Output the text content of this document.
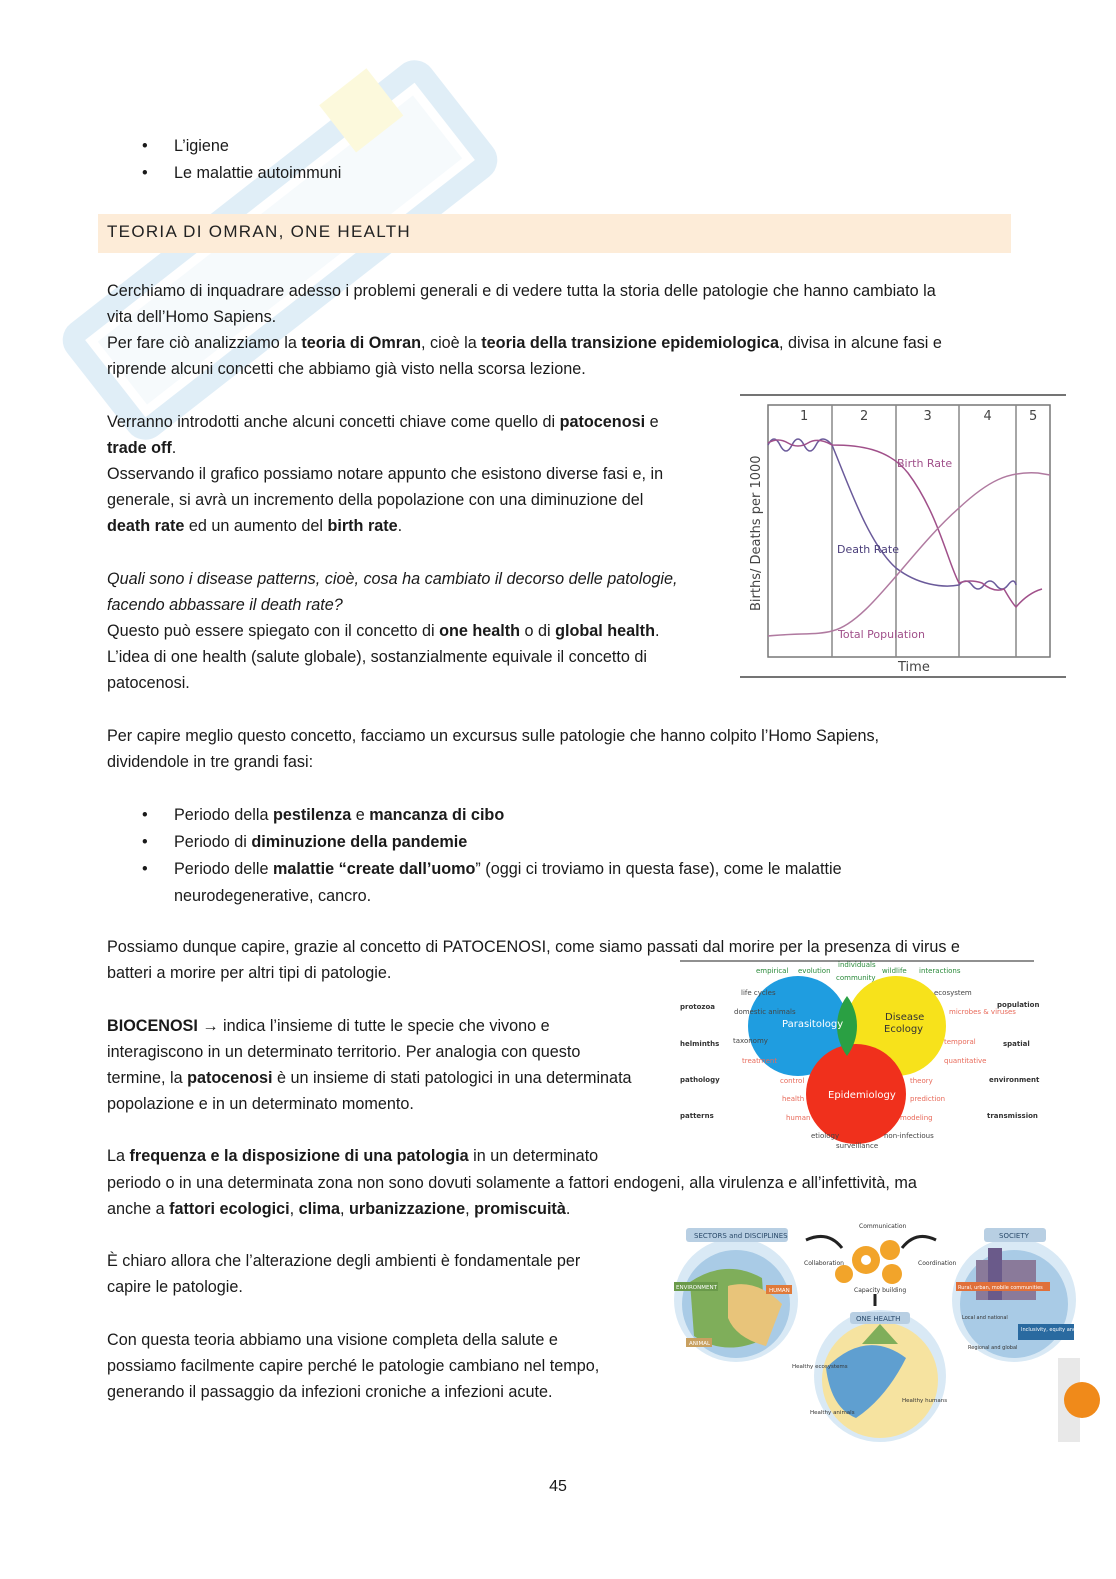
• L’igiene
• Le malattie autoimmuni
TEORIA DI OMRAN, ONE HEALTH

Cerchiamo di inquadrare adesso i problemi generali e di vedere tutta la storia delle patologie che hanno cambiato la

vita dell’Homo Sapiens.

Per fare ciò analizziamo la teoria di Omran, cioè la teoria della transizione epidemiologica, divisa in alcune fasi e

riprende alcuni concetti che abbiamo già visto nella scorsa lezione.

Verranno introdotti anche alcuni concetti chiave come quello di patocenosi e

trade off.

Osservando il grafico possiamo notare appunto che esistono diverse fasi e, in

generale, si avrà un incremento della popolazione con una diminuzione del

death rate ed un aumento del birth rate.

Quali sono i disease patterns, cioè, cosa ha cambiato il decorso delle patologie,

facendo abbassare il death rate?

Questo può essere spiegato con il concetto di one health o di global health.

L’idea di one health (salute globale), sostanzialmente equivale il concetto di

patocenosi.

1	2	3	4	5
Birth Rate
Death Rate
Total Population
Time
Births/ Deaths per 1000

Per capire meglio questo concetto, facciamo un excursus sulle patologie che hanno colpito l’Homo Sapiens,

dividendole in tre grandi fasi:

• Periodo della pestilenza e mancanza di cibo
• Periodo di diminuzione della pandemie
• Periodo delle malattie “create dall’uomo” (oggi ci troviamo in questa fase), come le malattie
neurodegenerative, cancro.

Possiamo dunque capire, grazie al concetto di PATOCENOSI, come siamo passati dal morire per la presenza di virus e

batteri a morire per altri tipi di patologie.

BIOCENOSI → indica l’insieme di tutte le specie che vivono e

interagiscono in un determinato territorio. Per analogia con questo

termine, la patocenosi è un insieme di stati patologici in una determinata

popolazione e in un determinato momento.

Parasitology
Disease
Ecology
Epidemiology
empirical evolution
individuals
community
wildlife interactions
protozoa
helminths
pathology
patterns
population
spatial
environment
transmission
life cycles
domestic animals
taxonomy
ecosystem
etiology	non-infectious
surveillance
treatment
control
health
human
microbes & viruses
temporal
quantitative
theory
prediction
modeling

La frequenza e la disposizione di una patologia in un determinato

periodo o in una determinata zona non sono dovuti solamente a fattori endogeni, alla virulenza e all’infettività, ma

anche a fattori ecologici, clima, urbanizzazione, promiscuità.

È chiaro allora che l’alterazione degli ambienti è fondamentale per

capire le patologie.

Con questa teoria abbiamo una visione completa della salute e

possiamo facilmente capire perché le patologie cambiano nel tempo,

generando il passaggio da infezioni croniche a infezioni acute.

SECTORS and DISCIPLINES
ENVIRONMENT	HUMAN
ANIMAL
SOCIETY
Rural, urban, mobile communities
Local and national
Regional and global
Inclusivity, equity and access
Communication
Collaboration	Coordination
Capacity building
ONE HEALTH
Healthy ecosystems
Healthy animals
Healthy humans
45
